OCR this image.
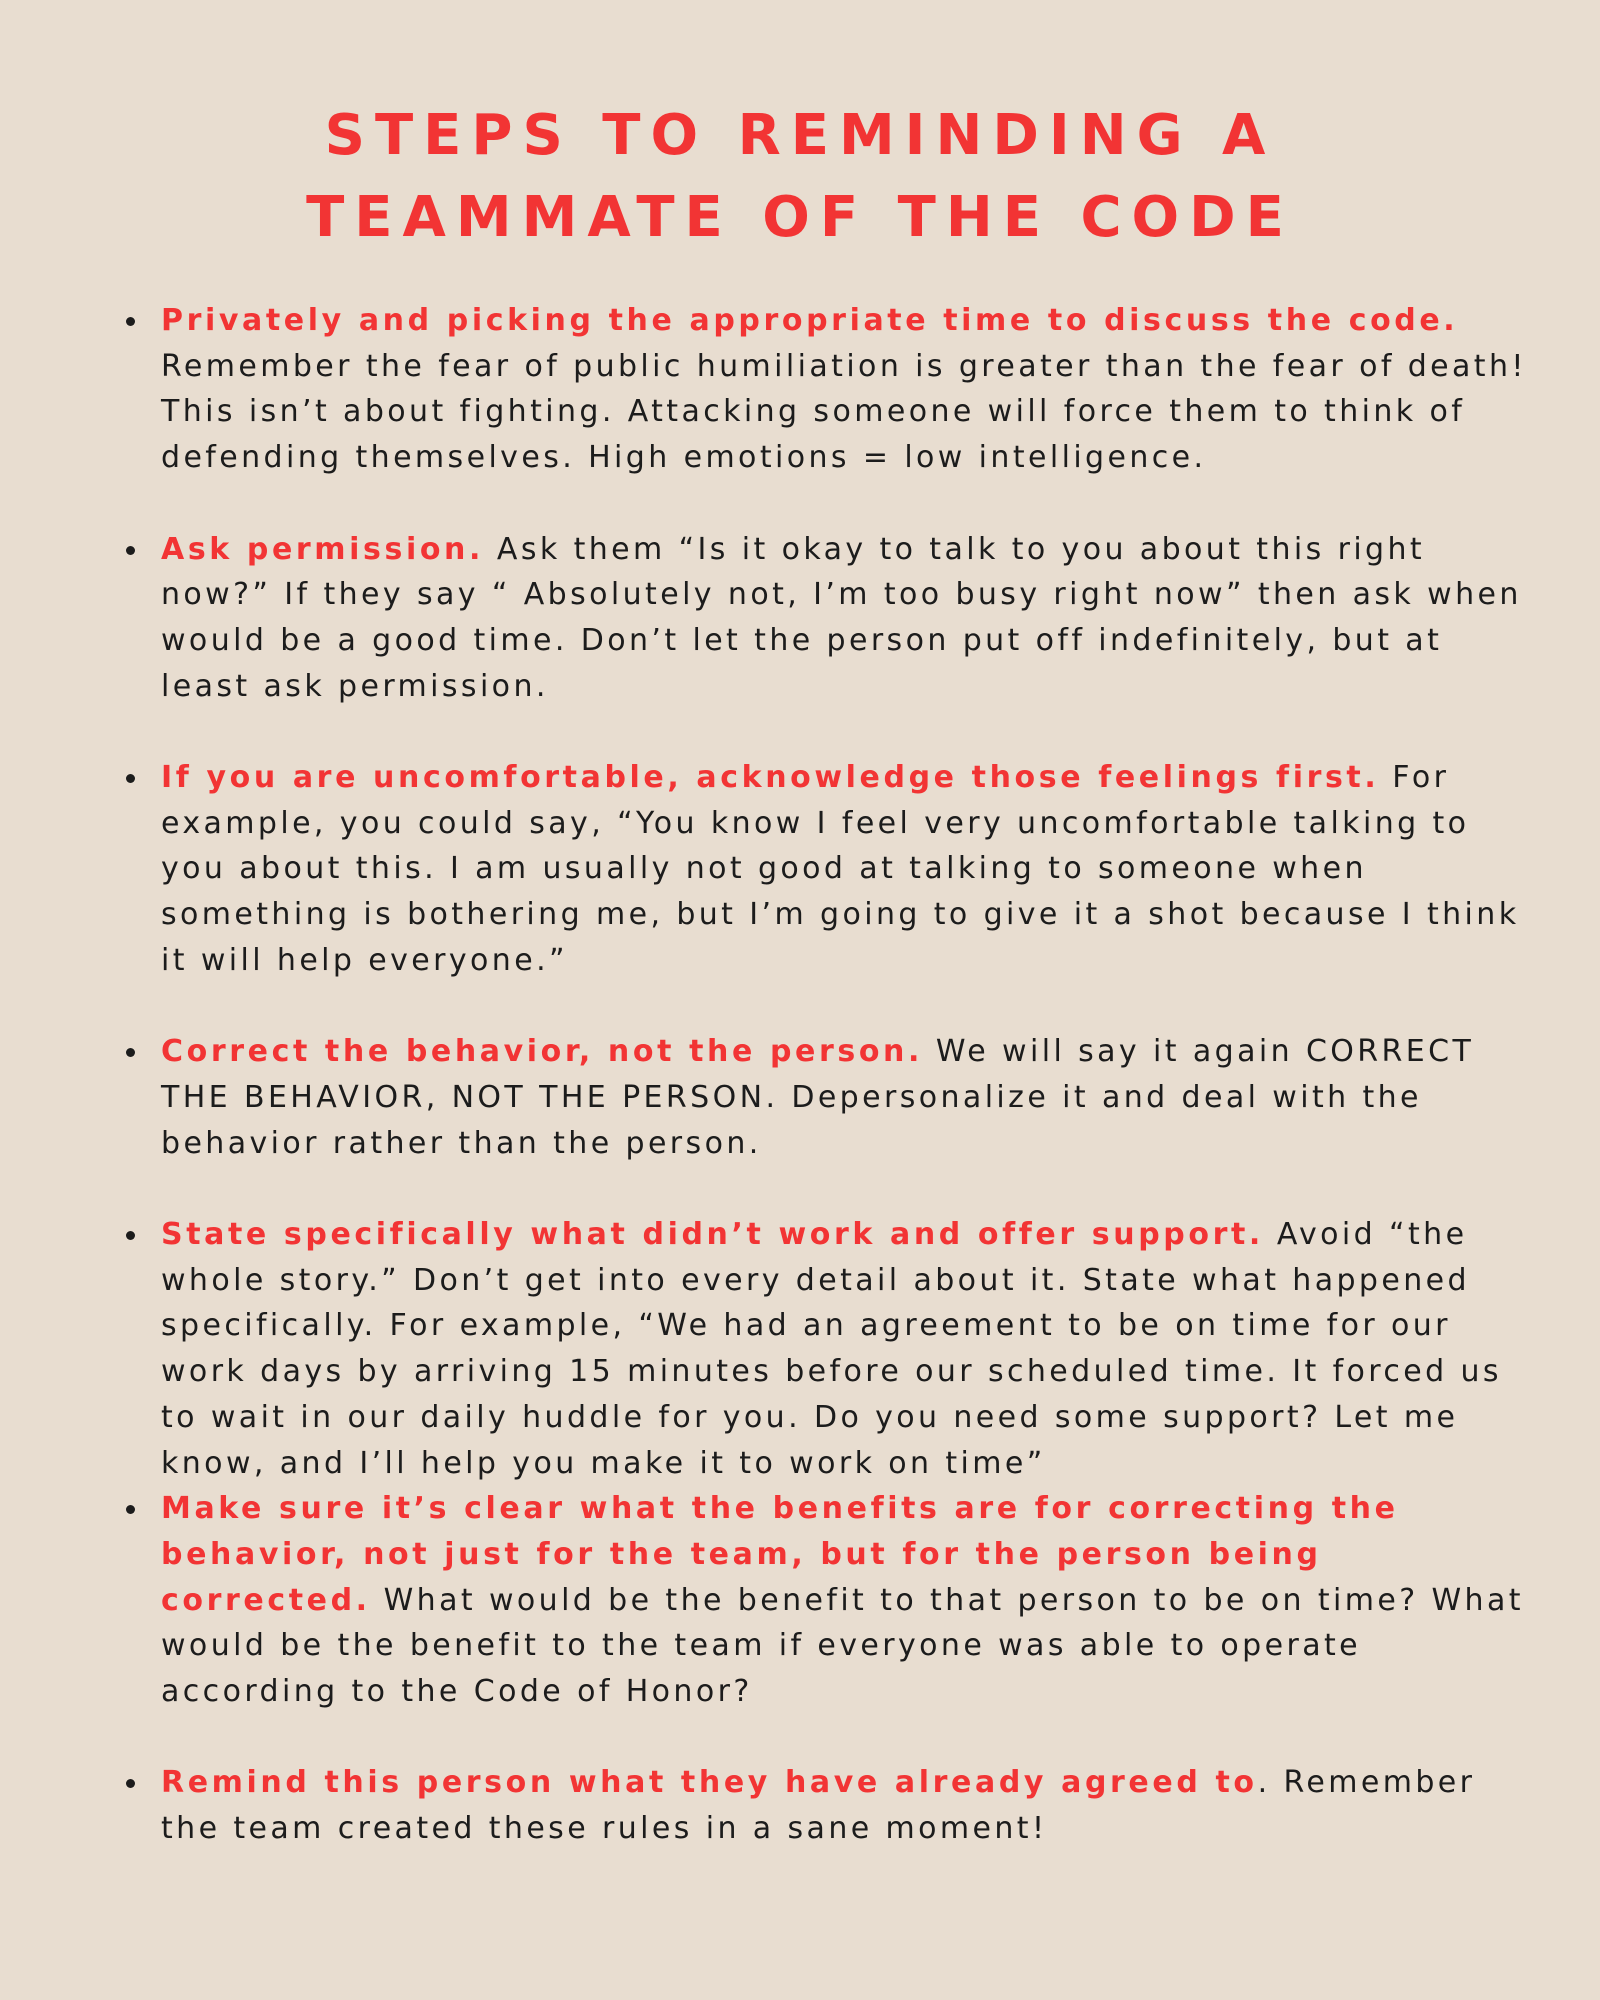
STEPS TO REMINDING A
TEAMMATE OF THE CODE
Privately and picking the appropriate time to discuss the code. Remember the fear of public humiliation is greater than the fear of death! This isn’t about fighting. Attacking someone will force them to think of defending themselves. High emotions = low intelligence.
Ask permission. Ask them “Is it okay to talk to you about this right now?” If they say “ Absolutely not, I’m too busy right now” then ask when would be a good time. Don’t let the person put off indefinitely, but at least ask permission.
If you are uncomfortable, acknowledge those feelings first. For example, you could say, “You know I feel very uncomfortable talking to you about this. I am usually not good at talking to someone when something is bothering me, but I’m going to give it a shot because I think it will help everyone.”
Correct the behavior, not the person. We will say it again CORRECT THE BEHAVIOR, NOT THE PERSON. Depersonalize it and deal with the behavior rather than the person.
State specifically what didn’t work and offer support. Avoid “the whole story.” Don’t get into every detail about it. State what happened specifically. For example, “We had an agreement to be on time for our work days by arriving 15 minutes before our scheduled time. It forced us to wait in our daily huddle for you. Do you need some support? Let me know, and I’ll help you make it to work on time”
Make sure it’s clear what the benefits are for correcting the behavior, not just for the team, but for the person being corrected. What would be the benefit to that person to be on time? What would be the benefit to the team if everyone was able to operate according to the Code of Honor?
Remind this person what they have already agreed to. Remember the team created these rules in a sane moment!
